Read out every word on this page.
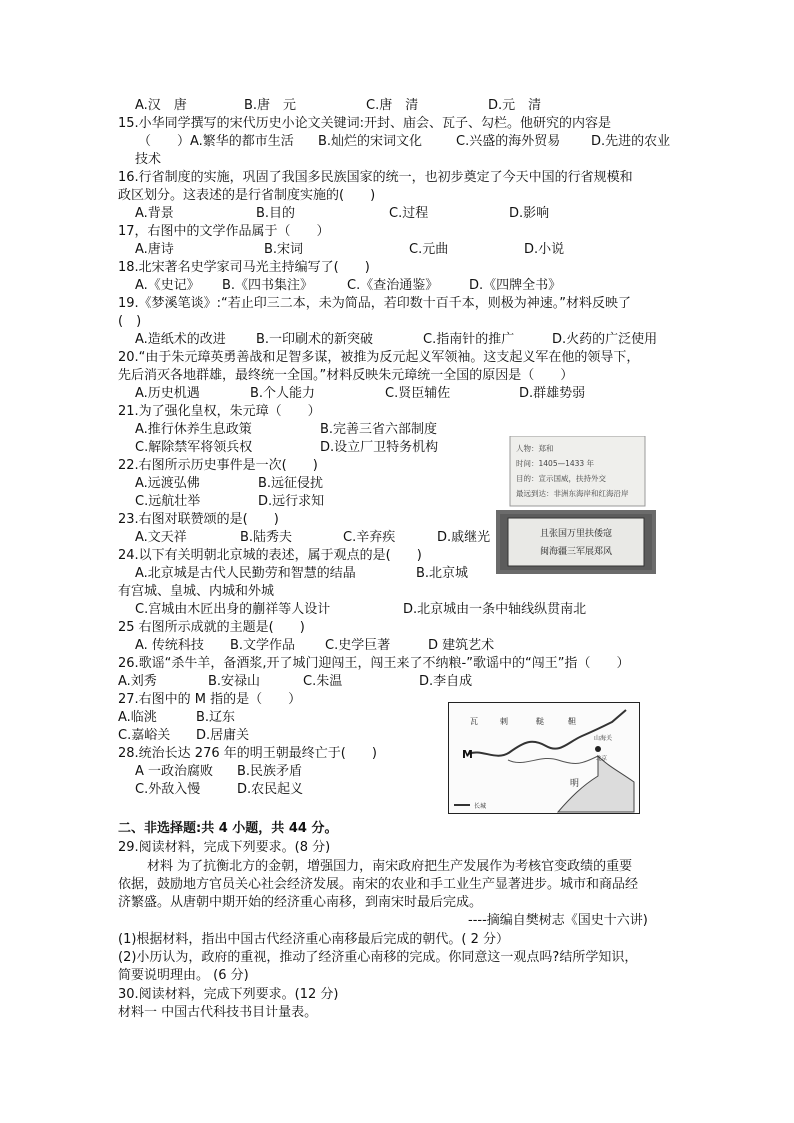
A.汉　唐	B.唐　元	C.唐　清	D.元　清
15.小华同学撰写的宋代历史小论文关键词:开封、庙会、瓦子、勾栏。他研究的内容是
（　　）A.繁华的都市生活 B.灿烂的宋词文化	C.兴盛的海外贸易 D.先进的农业
技术
16.行省制度的实施，巩固了我国多民族国家的统一，也初步奠定了今天中国的行省规模和
政区划分。这表述的是行省制度实施的(　　)
A.背景	B.目的	C.过程	D.影响
17，右图中的文学作品属于（　　）
A.唐诗	B.宋词	C.元曲	D.小说
18.北宋著名史学家司马光主持编写了(　　)
A.《史记》 B.《四书集注》	C.《查治通鉴》 D.《四牌全书》
19.《梦溪笔谈》:“若止印三二本，未为简品，若印数十百千本，则极为神速。”材料反映了
(　)
A.造纸术的改进 B.一印刷术的新突破	C.指南针的推广	D.火药的广泛使用
20.“由于朱元璋英勇善战和足智多谋，被推为反元起义军领袖。这支起义军在他的领导下，
先后消灭各地群雄，最终统一全国。”材料反映朱元璋统一全国的原因是（　　）
A.历史机遇	B.个人能力	C.贤臣辅佐	D.群雄势弱
21.为了强化皇权，朱元璋（　　）
A.推行休养生息政策	B.完善三省六部制度
C.解除禁军将领兵权	D.设立厂卫特务机构
22.右图所示历史事件是一次(　　)
A.远渡弘佛	B.远征侵扰
C.远航壮举	D.远行求知
23.右图对联赞颂的是(　　)
A.文天祥	B.陆秀夫	C.辛弃疾	D.戚继光
24.以下有关明朝北京城的表述，属于观点的是(　　)
A.北京城是古代人民勤劳和智慧的结晶	B.北京城
有宫城、皇城、内城和外城
C.宫城由木匠出身的蒯祥等人设计	D.北京城由一条中轴线纵贯南北
25 右图所示成就的主题是(　　)
A. 传统科技 B.文学作品 C.史学巨著	D 建筑艺术
26.歌谣“杀牛羊，备酒浆,开了城门迎闯王，闯王来了不纳粮-”歌谣中的“闯王”指（　　）
A.刘秀	B.安禄山	C.朱温	D.李自成
27.右图中的 M 指的是（　　）
A.临洮	B.辽东
C.嘉峪关 D.居庸关
28.统治长达 276 年的明王朝最终亡于(　　)
A 一政治腐败 B.民族矛盾
C.外敌入慢	D.农民起义
二、非选择题:共 4 小题，共 44 分。
29.阅读材料，完成下列要求。(8 分)
材料 为了抗衡北方的金朝，增强国力，南宋政府把生产发展作为考核官变政绩的重要
依据，鼓励地方官员关心社会经济发展。南宋的农业和手工业生产显著进步。城市和商品经
济繁盛。从唐朝中期开始的经济重心南移，到南宋时最后完成。
----摘编自樊树志《国史十六讲)
(1)根据材料，指出中国古代经济重心南移最后完成的朝代。( 2 分）
(2)小历认为，政府的重视，推动了经济重心南移的完成。你同意这一观点吗?结所学知识，
简要说明理由。 (6 分)
30.阅读材料，完成下列要求。(12 分)
材料一 中国古代科技书目计量表。
人物：郑和
时间：1405—1433 年
目的：宣示国威，扶持外交
最远到达：非洲东海岸和红海沿岸
且张国万里扶倭寇
闽海疆三军展郑风
瓦	剌	鞑	靼
M
山海关
北京
明
长城
